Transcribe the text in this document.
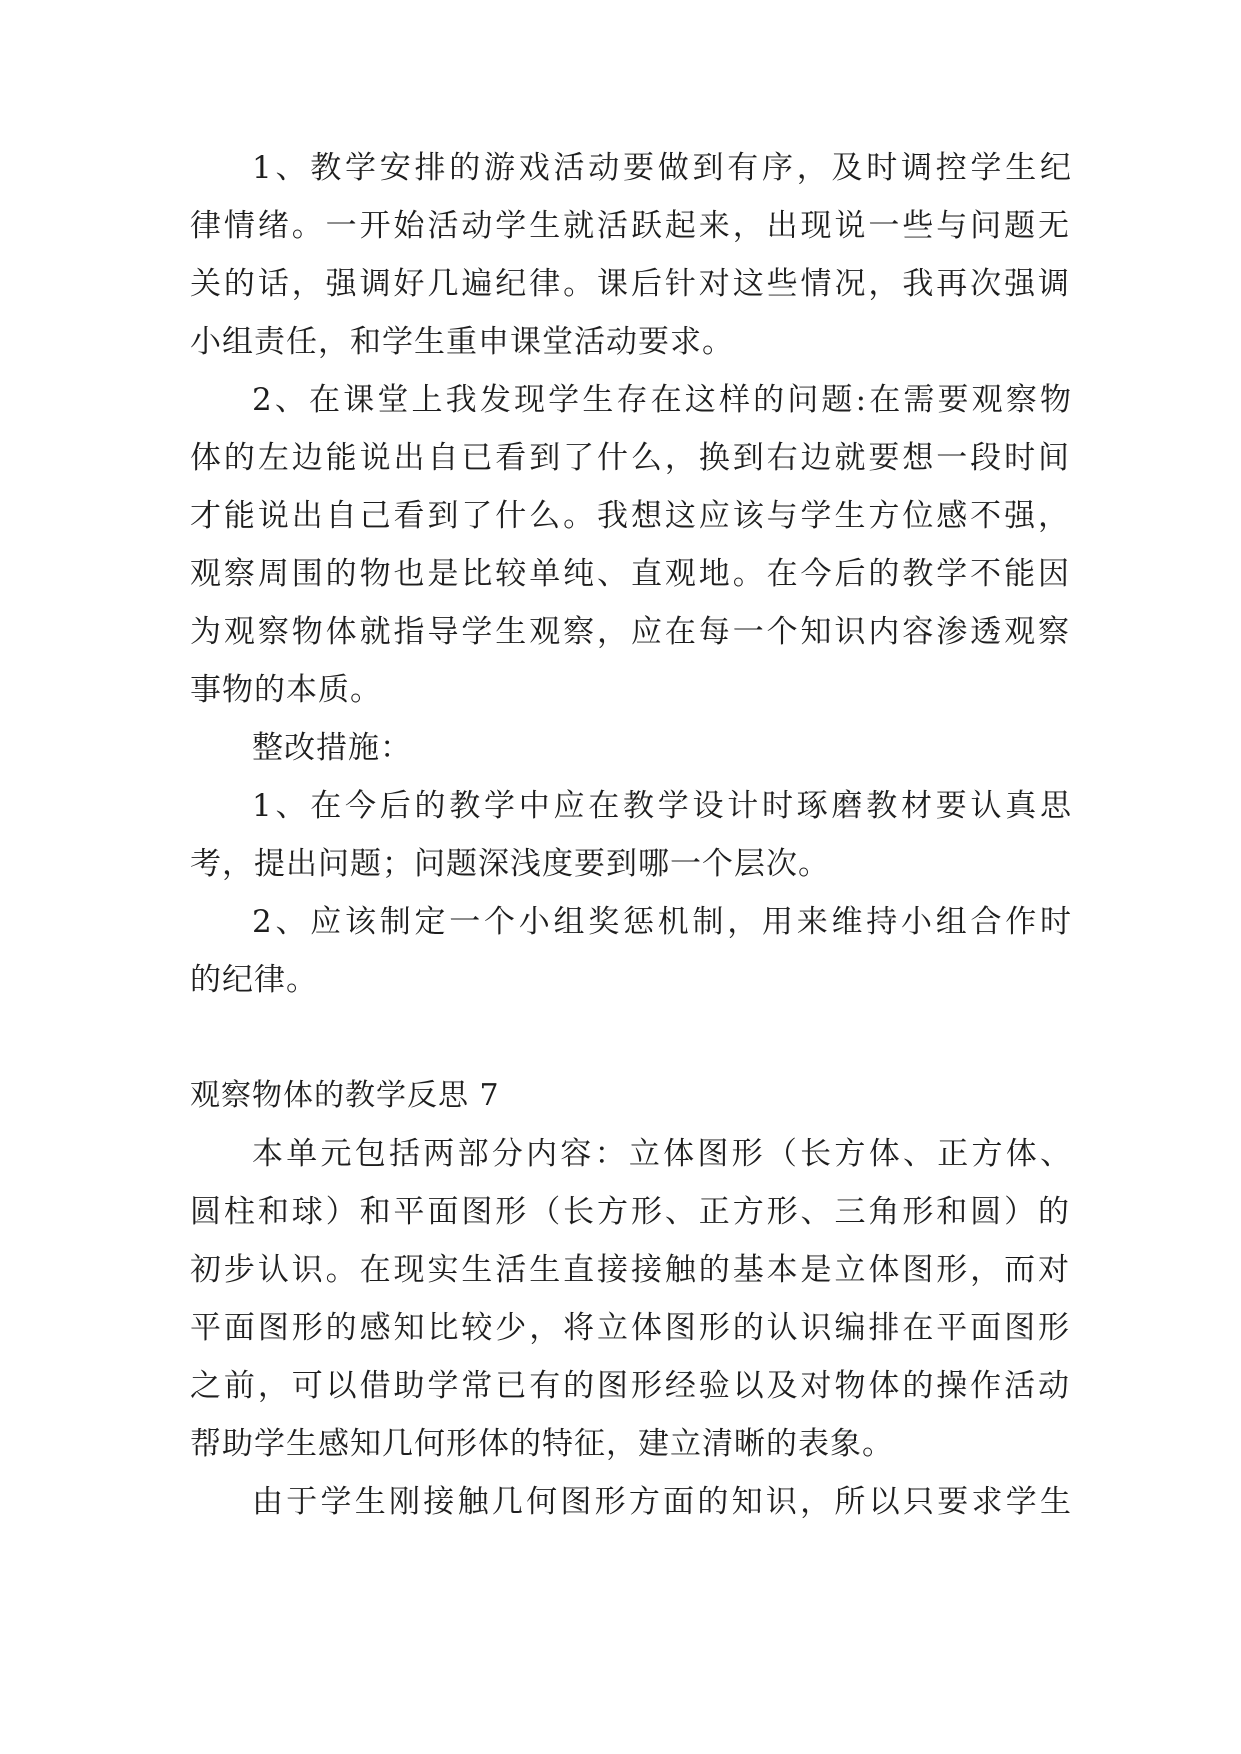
1、教学安排的游戏活动要做到有序，及时调控学生纪
律情绪。一开始活动学生就活跃起来，出现说一些与问题无
关的话，强调好几遍纪律。课后针对这些情况，我再次强调
小组责任，和学生重申课堂活动要求。
2、在课堂上我发现学生存在这样的问题:在需要观察物
体的左边能说出自已看到了什么，换到右边就要想一段时间
才能说出自己看到了什么。我想这应该与学生方位感不强，
观察周围的物也是比较单纯、直观地。在今后的教学不能因
为观察物体就指导学生观察，应在每一个知识内容渗透观察
事物的本质。
整改措施：
1、在今后的教学中应在教学设计时琢磨教材要认真思
考，提出问题；问题深浅度要到哪一个层次。
2、应该制定一个小组奖惩机制，用来维持小组合作时
的纪律。
观察物体的教学反思 7
本单元包括两部分内容：立体图形（长方体、正方体、
圆柱和球）和平面图形（长方形、正方形、三角形和圆）的
初步认识。在现实生活生直接接触的基本是立体图形，而对
平面图形的感知比较少，将立体图形的认识编排在平面图形
之前，可以借助学常已有的图形经验以及对物体的操作活动
帮助学生感知几何形体的特征，建立清晰的表象。
由于学生刚接触几何图形方面的知识，所以只要求学生
